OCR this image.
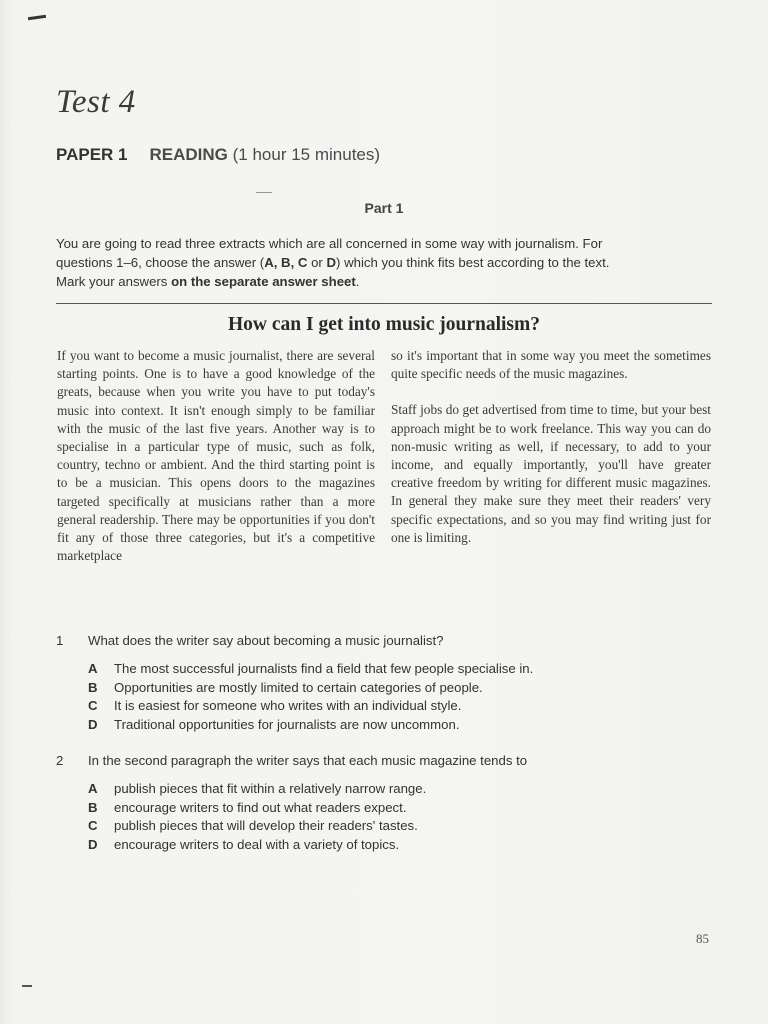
Test 4
PAPER 1 READING (1 hour 15 minutes)
Part 1
You are going to read three extracts which are all concerned in some way with journalism. For
questions 1–6, choose the answer (A, B, C or D) which you think fits best according to the text.
Mark your answers on the separate answer sheet.
How can I get into music journalism?

If you want to become a music journalist, there are several starting points. One is to have a good knowledge of the greats, because when you write you have to put today's music into context. It isn't enough simply to be familiar with the music of the last five years. Another way is to specialise in a particular type of music, such as folk, country, techno or ambient. And the third starting point is to be a musician. This opens doors to the magazines targeted specifically at musicians rather than a more general readership. There may be opportunities if you don't fit any of those three categories, but it's a competitive marketplace

so it's important that in some way you meet the sometimes quite specific needs of the music magazines.

Staff jobs do get advertised from time to time, but your best approach might be to work freelance. This way you can do non-music writing as well, if necessary, to add to your income, and equally importantly, you'll have greater creative freedom by writing for different music magazines. In general they make sure they meet their readers' very specific expectations, and so you may find writing just for one is limiting.

1 What does the writer say about becoming a music journalist?
A The most successful journalists find a field that few people specialise in.
B Opportunities are mostly limited to certain categories of people.
C It is easiest for someone who writes with an individual style.
D Traditional opportunities for journalists are now uncommon.
2 In the second paragraph the writer says that each music magazine tends to
A publish pieces that fit within a relatively narrow range.
B encourage writers to find out what readers expect.
C publish pieces that will develop their readers' tastes.
D encourage writers to deal with a variety of topics.
85
